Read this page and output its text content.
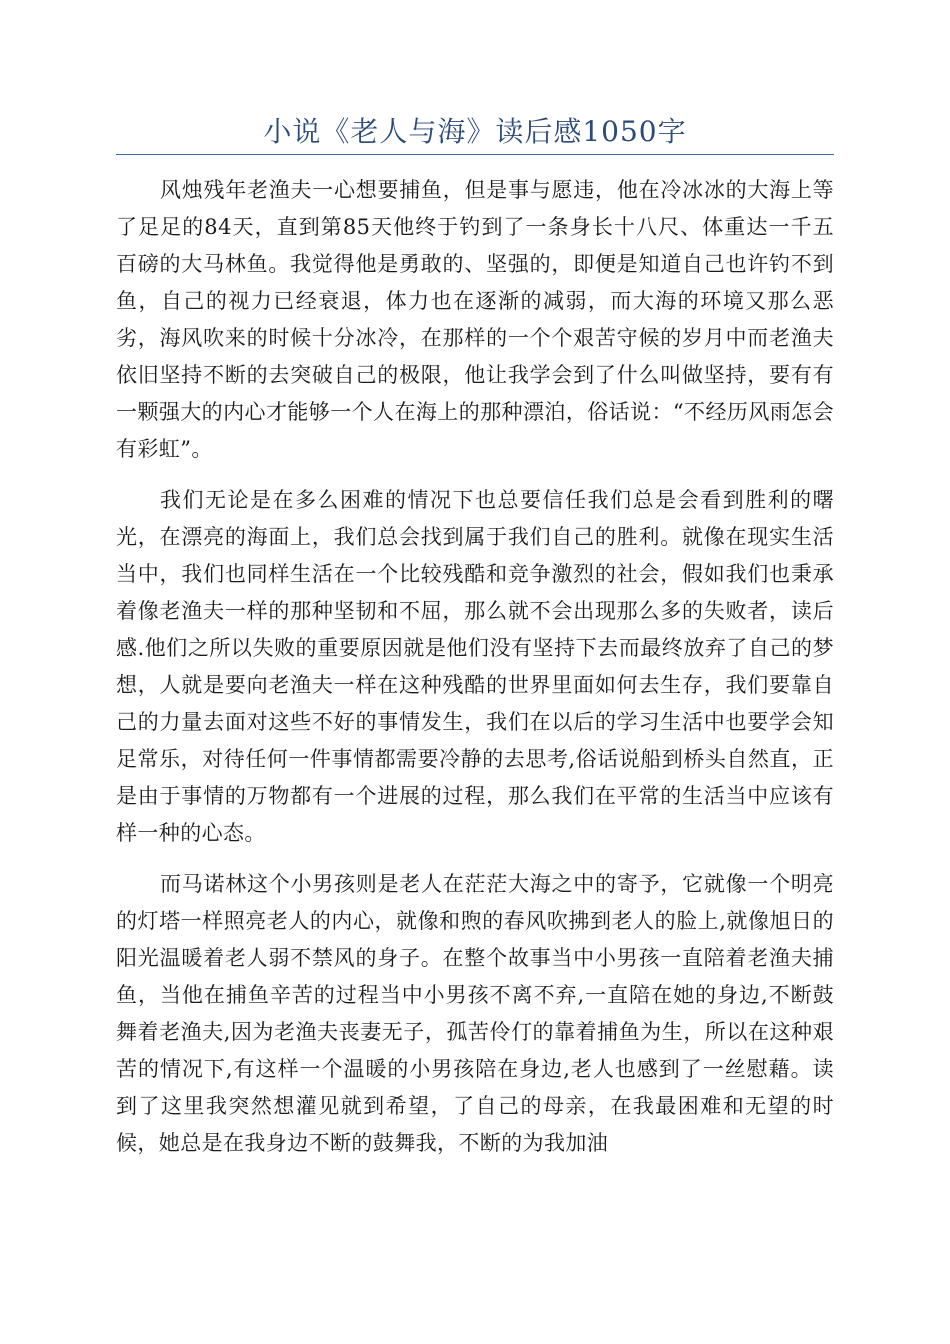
小说《老人与海》读后感1050字

风烛残年老渔夫一心想要捕鱼，但是事与愿违，他在冷冰冰的大海上等了足足的84天，直到第85天他终于钓到了一条身长十八尺、体重达一千五百磅的大马林鱼。我觉得他是勇敢的、坚强的，即便是知道自己也许钓不到鱼，自己的视力已经衰退，体力也在逐渐的减弱，而大海的环境又那么恶劣，海风吹来的时候十分冰冷，在那样的一个个艰苦守候的岁月中而老渔夫依旧坚持不断的去突破自己的极限，他让我学会到了什么叫做坚持，要有有一颗强大的内心才能够一个人在海上的那种漂泊，俗话说：“不经历风雨怎会有彩虹”。

我们无论是在多么困难的情况下也总要信任我们总是会看到胜利的曙光，在漂亮的海面上，我们总会找到属于我们自己的胜利。就像在现实生活当中，我们也同样生活在一个比较残酷和竞争激烈的社会，假如我们也秉承着像老渔夫一样的那种坚韧和不屈，那么就不会出现那么多的失败者，读后感.他们之所以失败的重要原因就是他们没有坚持下去而最终放弃了自己的梦想，人就是要向老渔夫一样在这种残酷的世界里面如何去生存，我们要靠自己的力量去面对这些不好的事情发生，我们在以后的学习生活中也要学会知足常乐，对待任何一件事情都需要冷静的去思考,俗话说船到桥头自然直，正是由于事情的万物都有一个进展的过程，那么我们在平常的生活当中应该有样一种的心态。

而马诺林这个小男孩则是老人在茫茫大海之中的寄予，它就像一个明亮的灯塔一样照亮老人的内心，就像和煦的春风吹拂到老人的脸上,就像旭日的阳光温暖着老人弱不禁风的身子。在整个故事当中小男孩一直陪着老渔夫捕鱼，当他在捕鱼辛苦的过程当中小男孩不离不弃,一直陪在她的身边,不断鼓舞着老渔夫,因为老渔夫丧妻无子，孤苦伶仃的靠着捕鱼为生，所以在这种艰苦的情况下,有这样一个温暖的小男孩陪在身边,老人也感到了一丝慰藉。读到了这里我突然想灌见就到希望，了自己的母亲，在我最困难和无望的时候，她总是在我身边不断的鼓舞我，不断的为我加油
